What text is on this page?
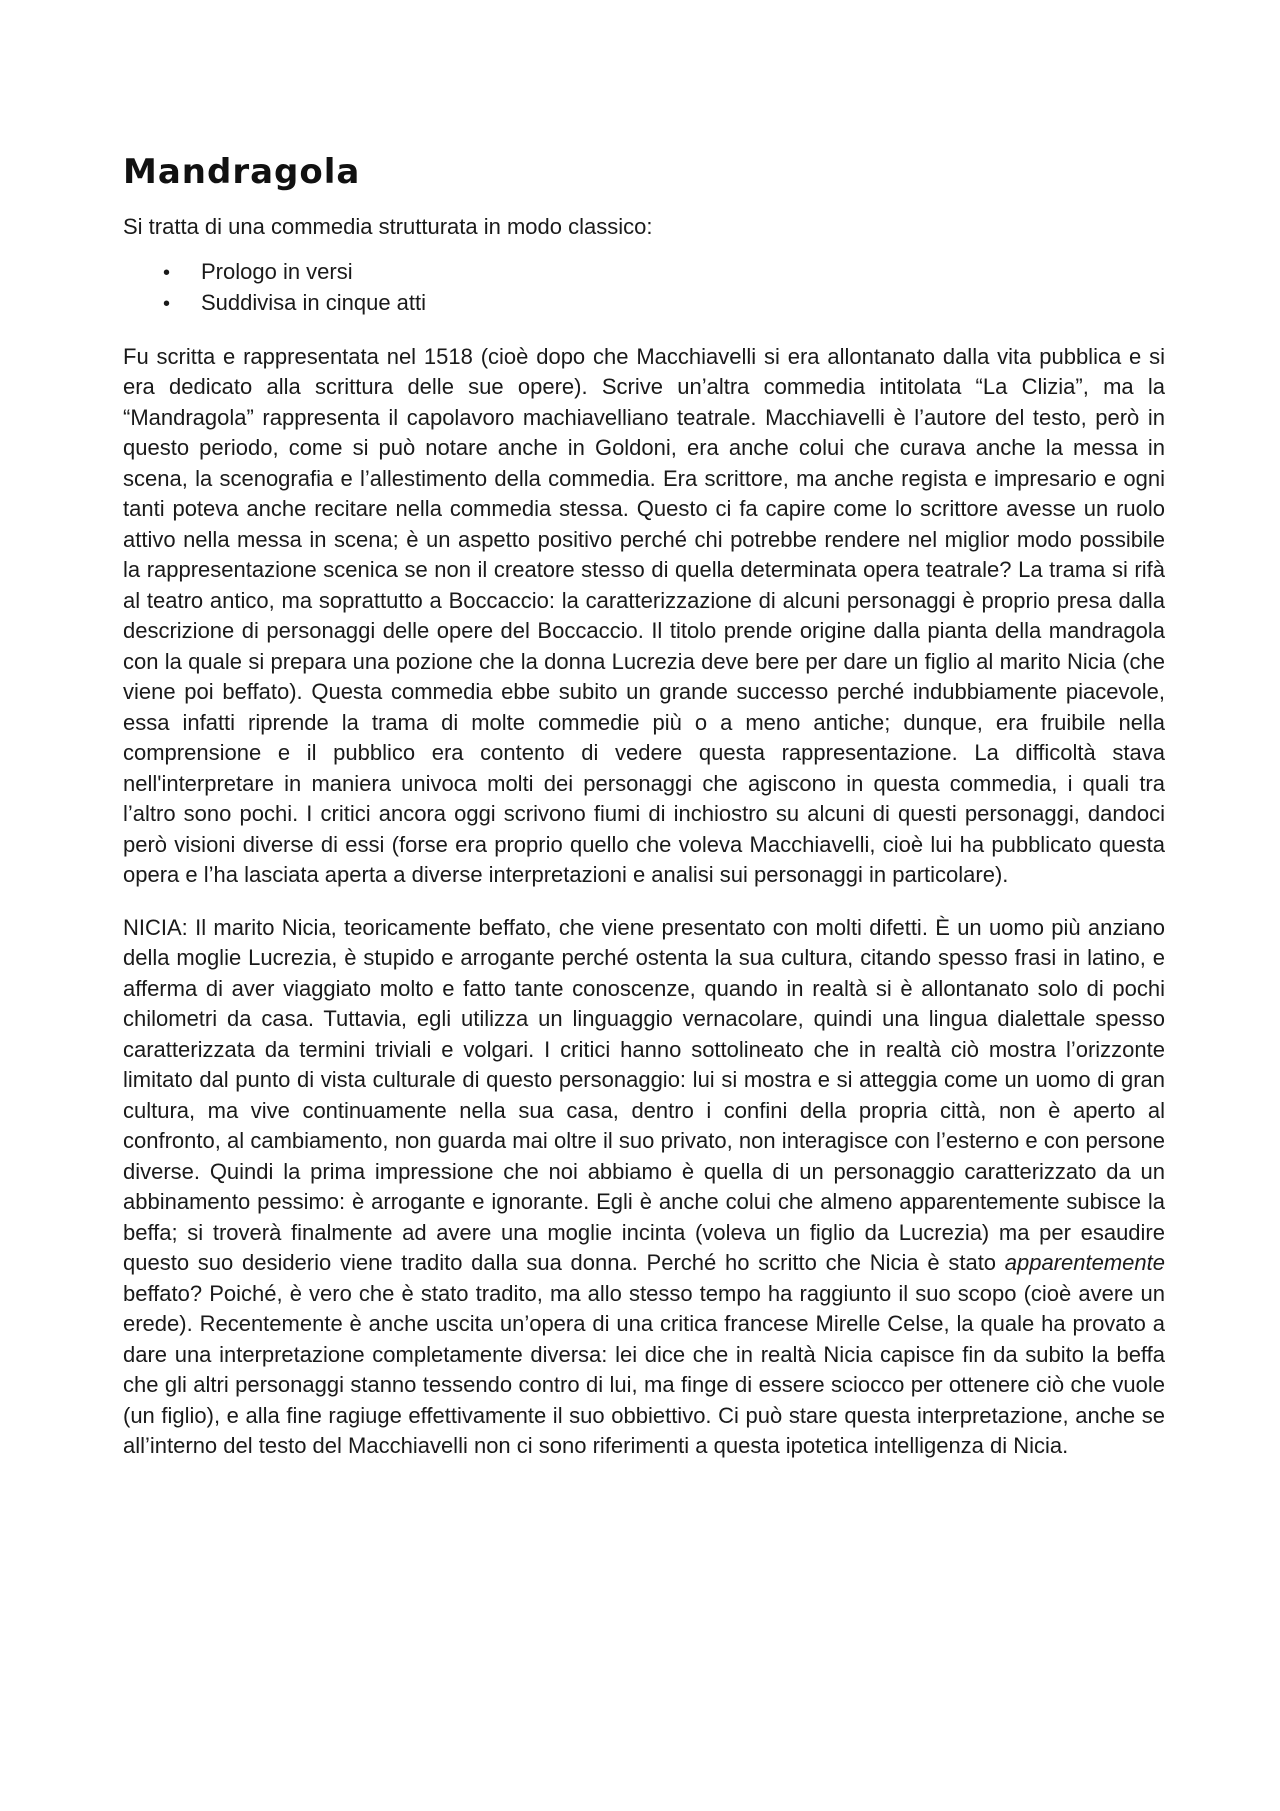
Mandragola

Si tratta di una commedia strutturata in modo classico:

•	Prologo in versi
•	Suddivisa in cinque atti

Fu scritta e rappresentata nel 1518 (cioè dopo che Macchiavelli si era allontanato dalla vita pubblica e si era dedicato alla scrittura delle sue opere). Scrive un’altra commedia intitolata “La Clizia”, ma la “Mandragola” rappresenta il capolavoro machiavelliano teatrale. Macchiavelli è l’autore del testo, però in questo periodo, come si può notare anche in Goldoni, era anche colui che curava anche la messa in scena, la scenografia e l’allestimento della commedia. Era scrittore, ma anche regista e impresario e ogni tanti poteva anche recitare nella commedia stessa. Questo ci fa capire come lo scrittore avesse un ruolo attivo nella messa in scena; è un aspetto positivo perché chi potrebbe rendere nel miglior modo possibile la rappresentazione scenica se non il creatore stesso di quella determinata opera teatrale? La trama si rifà al teatro antico, ma soprattutto a Boccaccio: la caratterizzazione di alcuni personaggi è proprio presa dalla descrizione di personaggi delle opere del Boccaccio. Il titolo prende origine dalla pianta della mandragola con la quale si prepara una pozione che la donna Lucrezia deve bere per dare un figlio al marito Nicia (che viene poi beffato). Questa commedia ebbe subito un grande successo perché indubbiamente piacevole, essa infatti riprende la trama di molte commedie più o a meno antiche; dunque, era fruibile nella comprensione e il pubblico era contento di vedere questa rappresentazione. La difficoltà stava nell'interpretare in maniera univoca molti dei personaggi che agiscono in questa commedia, i quali tra l’altro sono pochi. I critici ancora oggi scrivono fiumi di inchiostro su alcuni di questi personaggi, dandoci però visioni diverse di essi (forse era proprio quello che voleva Macchiavelli, cioè lui ha pubblicato questa opera e l’ha lasciata aperta a diverse interpretazioni e analisi sui personaggi in particolare).

NICIA: Il marito Nicia, teoricamente beffato, che viene presentato con molti difetti. È un uomo più anziano della moglie Lucrezia, è stupido e arrogante perché ostenta la sua cultura, citando spesso frasi in latino, e afferma di aver viaggiato molto e fatto tante conoscenze, quando in realtà si è allontanato solo di pochi chilometri da casa. Tuttavia, egli utilizza un linguaggio vernacolare, quindi una lingua dialettale spesso caratterizzata da termini triviali e volgari. I critici hanno sottolineato che in realtà ciò mostra l’orizzonte limitato dal punto di vista culturale di questo personaggio: lui si mostra e si atteggia come un uomo di gran cultura, ma vive continuamente nella sua casa, dentro i confini della propria città, non è aperto al confronto, al cambiamento, non guarda mai oltre il suo privato, non interagisce con l’esterno e con persone diverse. Quindi la prima impressione che noi abbiamo è quella di un personaggio caratterizzato da un abbinamento pessimo: è arrogante e ignorante. Egli è anche colui che almeno apparentemente subisce la beffa; si troverà finalmente ad avere una moglie incinta (voleva un figlio da Lucrezia) ma per esaudire questo suo desiderio viene tradito dalla sua donna. Perché ho scritto che Nicia è stato apparentemente beffato? Poiché, è vero che è stato tradito, ma allo stesso tempo ha raggiunto il suo scopo (cioè avere un erede). Recentemente è anche uscita un’opera di una critica francese Mirelle Celse, la quale ha provato a dare una interpretazione completamente diversa: lei dice che in realtà Nicia capisce fin da subito la beffa che gli altri personaggi stanno tessendo contro di lui, ma finge di essere sciocco per ottenere ciò che vuole (un figlio), e alla fine ragiuge effettivamente il suo obbiettivo. Ci può stare questa interpretazione, anche se all’interno del testo del Macchiavelli non ci sono riferimenti a questa ipotetica intelligenza di Nicia.
